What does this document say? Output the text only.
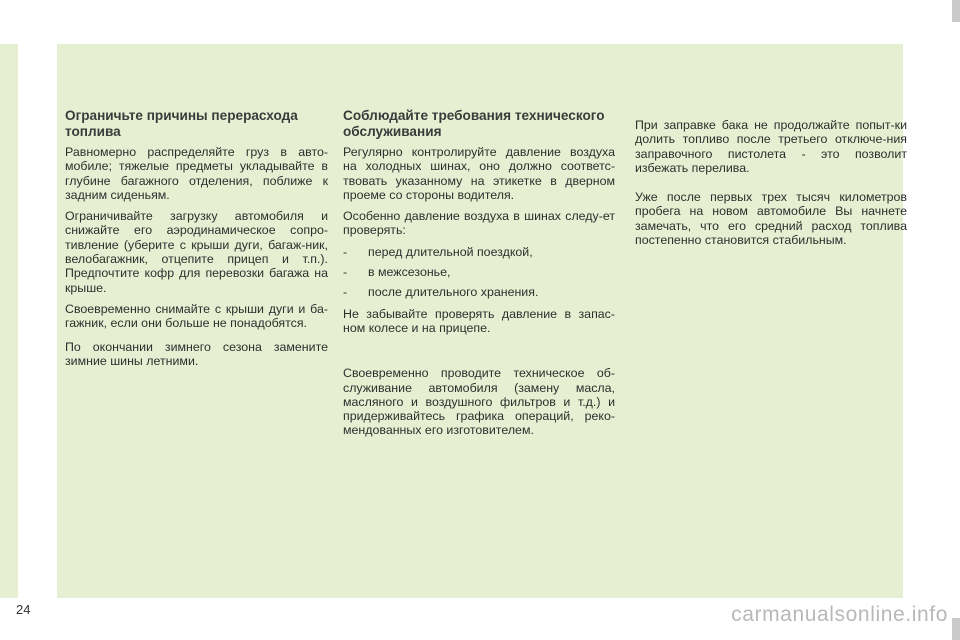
Ограничьте причины перерасхода топлива

Равномерно распределяйте груз в авто-мобиле; тяжелые предметы укладывайте в глубине багажного отделения, поближе к задним сиденьям.

Ограничивайте загрузку автомобиля и снижайте его аэродинамическое сопро-тивление (уберите с крыши дуги, багаж-ник, велобагажник, отцепите прицеп и т.п.). Предпочтите кофр для перевозки багажа на крыше.

Своевременно снимайте с крыши дуги и ба-гажник, если они больше не понадобятся.

По окончании зимнего сезона замените зимние шины летними.

Соблюдайте требования технического обслуживания

Регулярно контролируйте давление воздуха на холодных шинах, оно должно соответс-твовать указанному на этикетке в дверном проеме со стороны водителя.

Особенно давление воздуха в шинах следу-ет проверять:

- перед длительной поездкой,
- в межсезонье,
- после длительного хранения.

Не забывайте проверять давление в запас-ном колесе и на прицепе.

Своевременно проводите техническое об-служивание автомобиля (замену масла, масляного и воздушного фильтров и т.д.) и придерживайтесь графика операций, реко-мендованных его изготовителем.

При заправке бака не продолжайте попыт-ки долить топливо после третьего отключе-ния заправочного пистолета - это позволит избежать перелива.

Уже после первых трех тысяч километров пробега на новом автомобиле Вы начнете замечать, что его средний расход топлива постепенно становится стабильным.

24	carmanualsonline.info
